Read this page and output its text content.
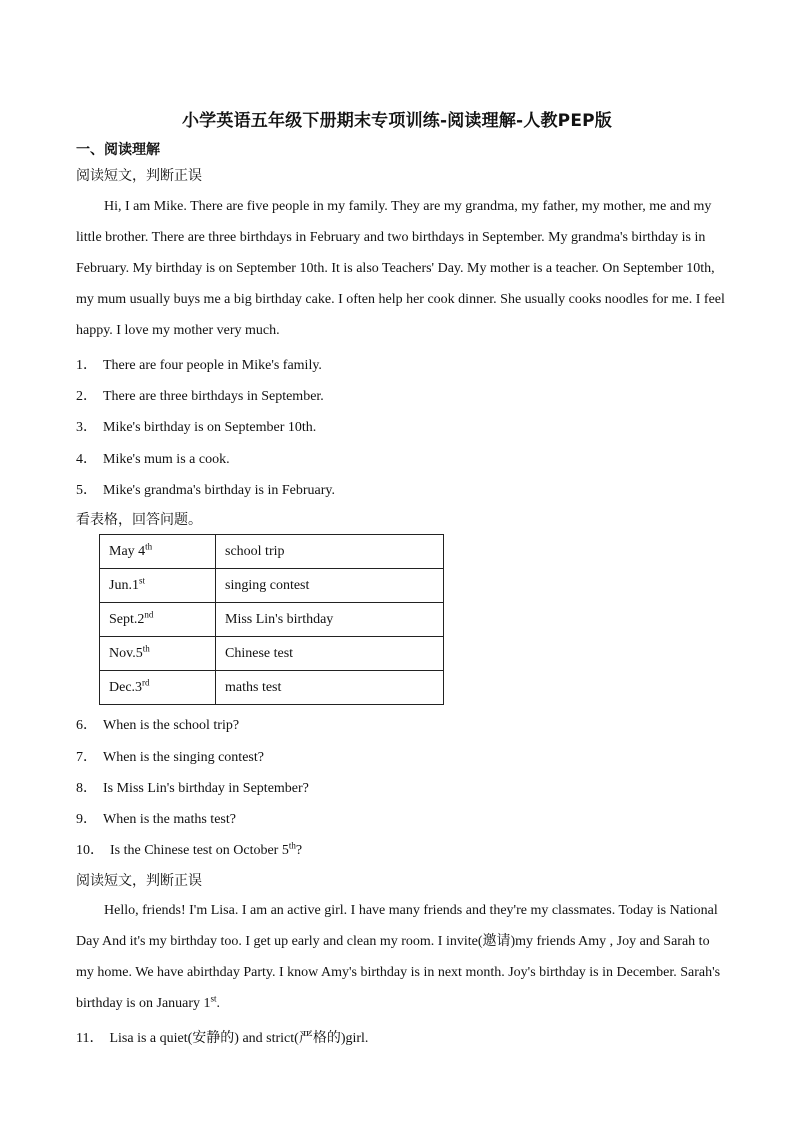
小学英语五年级下册期末专项训练-阅读理解-人教PEP版
一、阅读理解
阅读短文，判断正误
Hi, I am Mike. There are five people in my family. They are my grandma, my father, my mother, me and my little brother. There are three birthdays in February and two birthdays in September. My grandma's birthday is in February. My birthday is on September 10th. It is also Teachers' Day. My mother is a teacher. On September 10th, my mum usually buys me a big birthday cake. I often help her cook dinner. She usually cooks noodles for me. I feel happy. I love my mother very much.
1． There are four people in Mike's family.
2． There are three birthdays in September.
3． Mike's birthday is on September 10th.
4． Mike's mum is a cook.
5． Mike's grandma's birthday is in February.
看表格，回答问题。
May 4th	school trip
Jun.1st	singing contest
Sept.2nd	Miss Lin's birthday
Nov.5th	Chinese test
Dec.3rd	maths test
6． When is the school trip?
7． When is the singing contest?
8． Is Miss Lin's birthday in September?
9． When is the maths test?
10． Is the Chinese test on October 5th?
阅读短文，判断正误
Hello, friends! I'm Lisa. I am an active girl. I have many friends and they're my classmates. Today is National Day And it's my birthday too. I get up early and clean my room. I invite(邀请)my friends Amy , Joy and Sarah to my home. We have abirthday Party. I know Amy's birthday is in next month. Joy's birthday is in December. Sarah's birthday is on January 1st.
11． Lisa is a quiet(安静的) and strict(严格的)girl.
